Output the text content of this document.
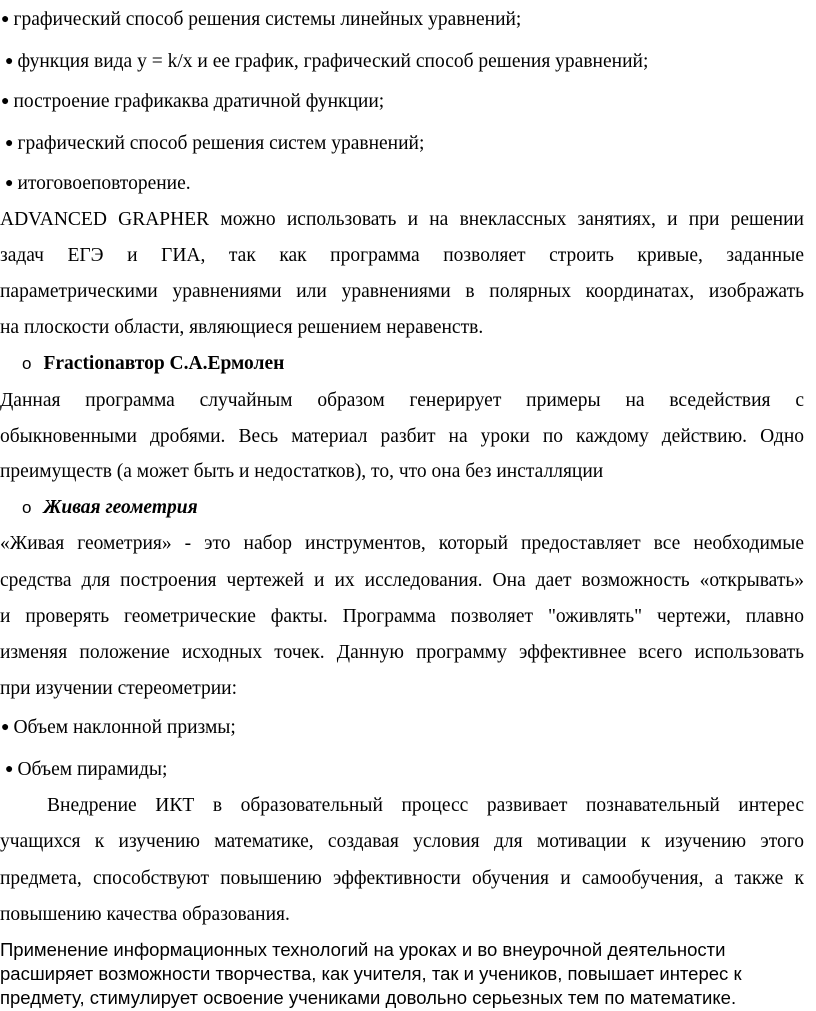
● графический способ решения системы линейных уравнений;
● функция вида у = k/x и ее график, графический способ решения уравнений;
● построение графикаква дратичной функции;
● графический способ решения систем уравнений;
● итоговоеповторение.
ADVANCED GRAPHER можно использовать и на внеклассных занятиях, и при решении
задач ЕГЭ и ГИА, так как программа позволяет строить кривые, заданные
параметрическими уравнениями или уравнениями в полярных координатах, изображать
на плоскости области, являющиеся решением неравенств.
o Fractionавтор С.А.Ермолен
Данная программа случайным образом генерирует примеры на вседействия с
обыкновенными дробями. Весь материал разбит на уроки по каждому действию. Одно
преимуществ (а может быть и недостатков), то, что она без инсталляции
o Живая геометрия
«Живая геометрия» - это набор инструментов, который предоставляет все необходимые
средства для построения чертежей и их исследования. Она дает возможность «открывать»
и проверять геометрические факты. Программа позволяет "оживлять" чертежи, плавно
изменяя положение исходных точек. Данную программу эффективнее всего использовать
при изучении стереометрии:
● Объем наклонной призмы;
● Объем пирамиды;
Внедрение ИКТ в образовательный процесс развивает познавательный интерес
учащихся к изучению математике, создавая условия для мотивации к изучению этого
предмета, способствуют повышению эффективности обучения и самообучения, а также к
повышению качества образования.
Применение информационных технологий на уроках и во внеурочной деятельности
расширяет возможности творчества, как учителя, так и учеников, повышает интерес к
предмету, стимулирует освоение учениками довольно серьезных тем по математике.
